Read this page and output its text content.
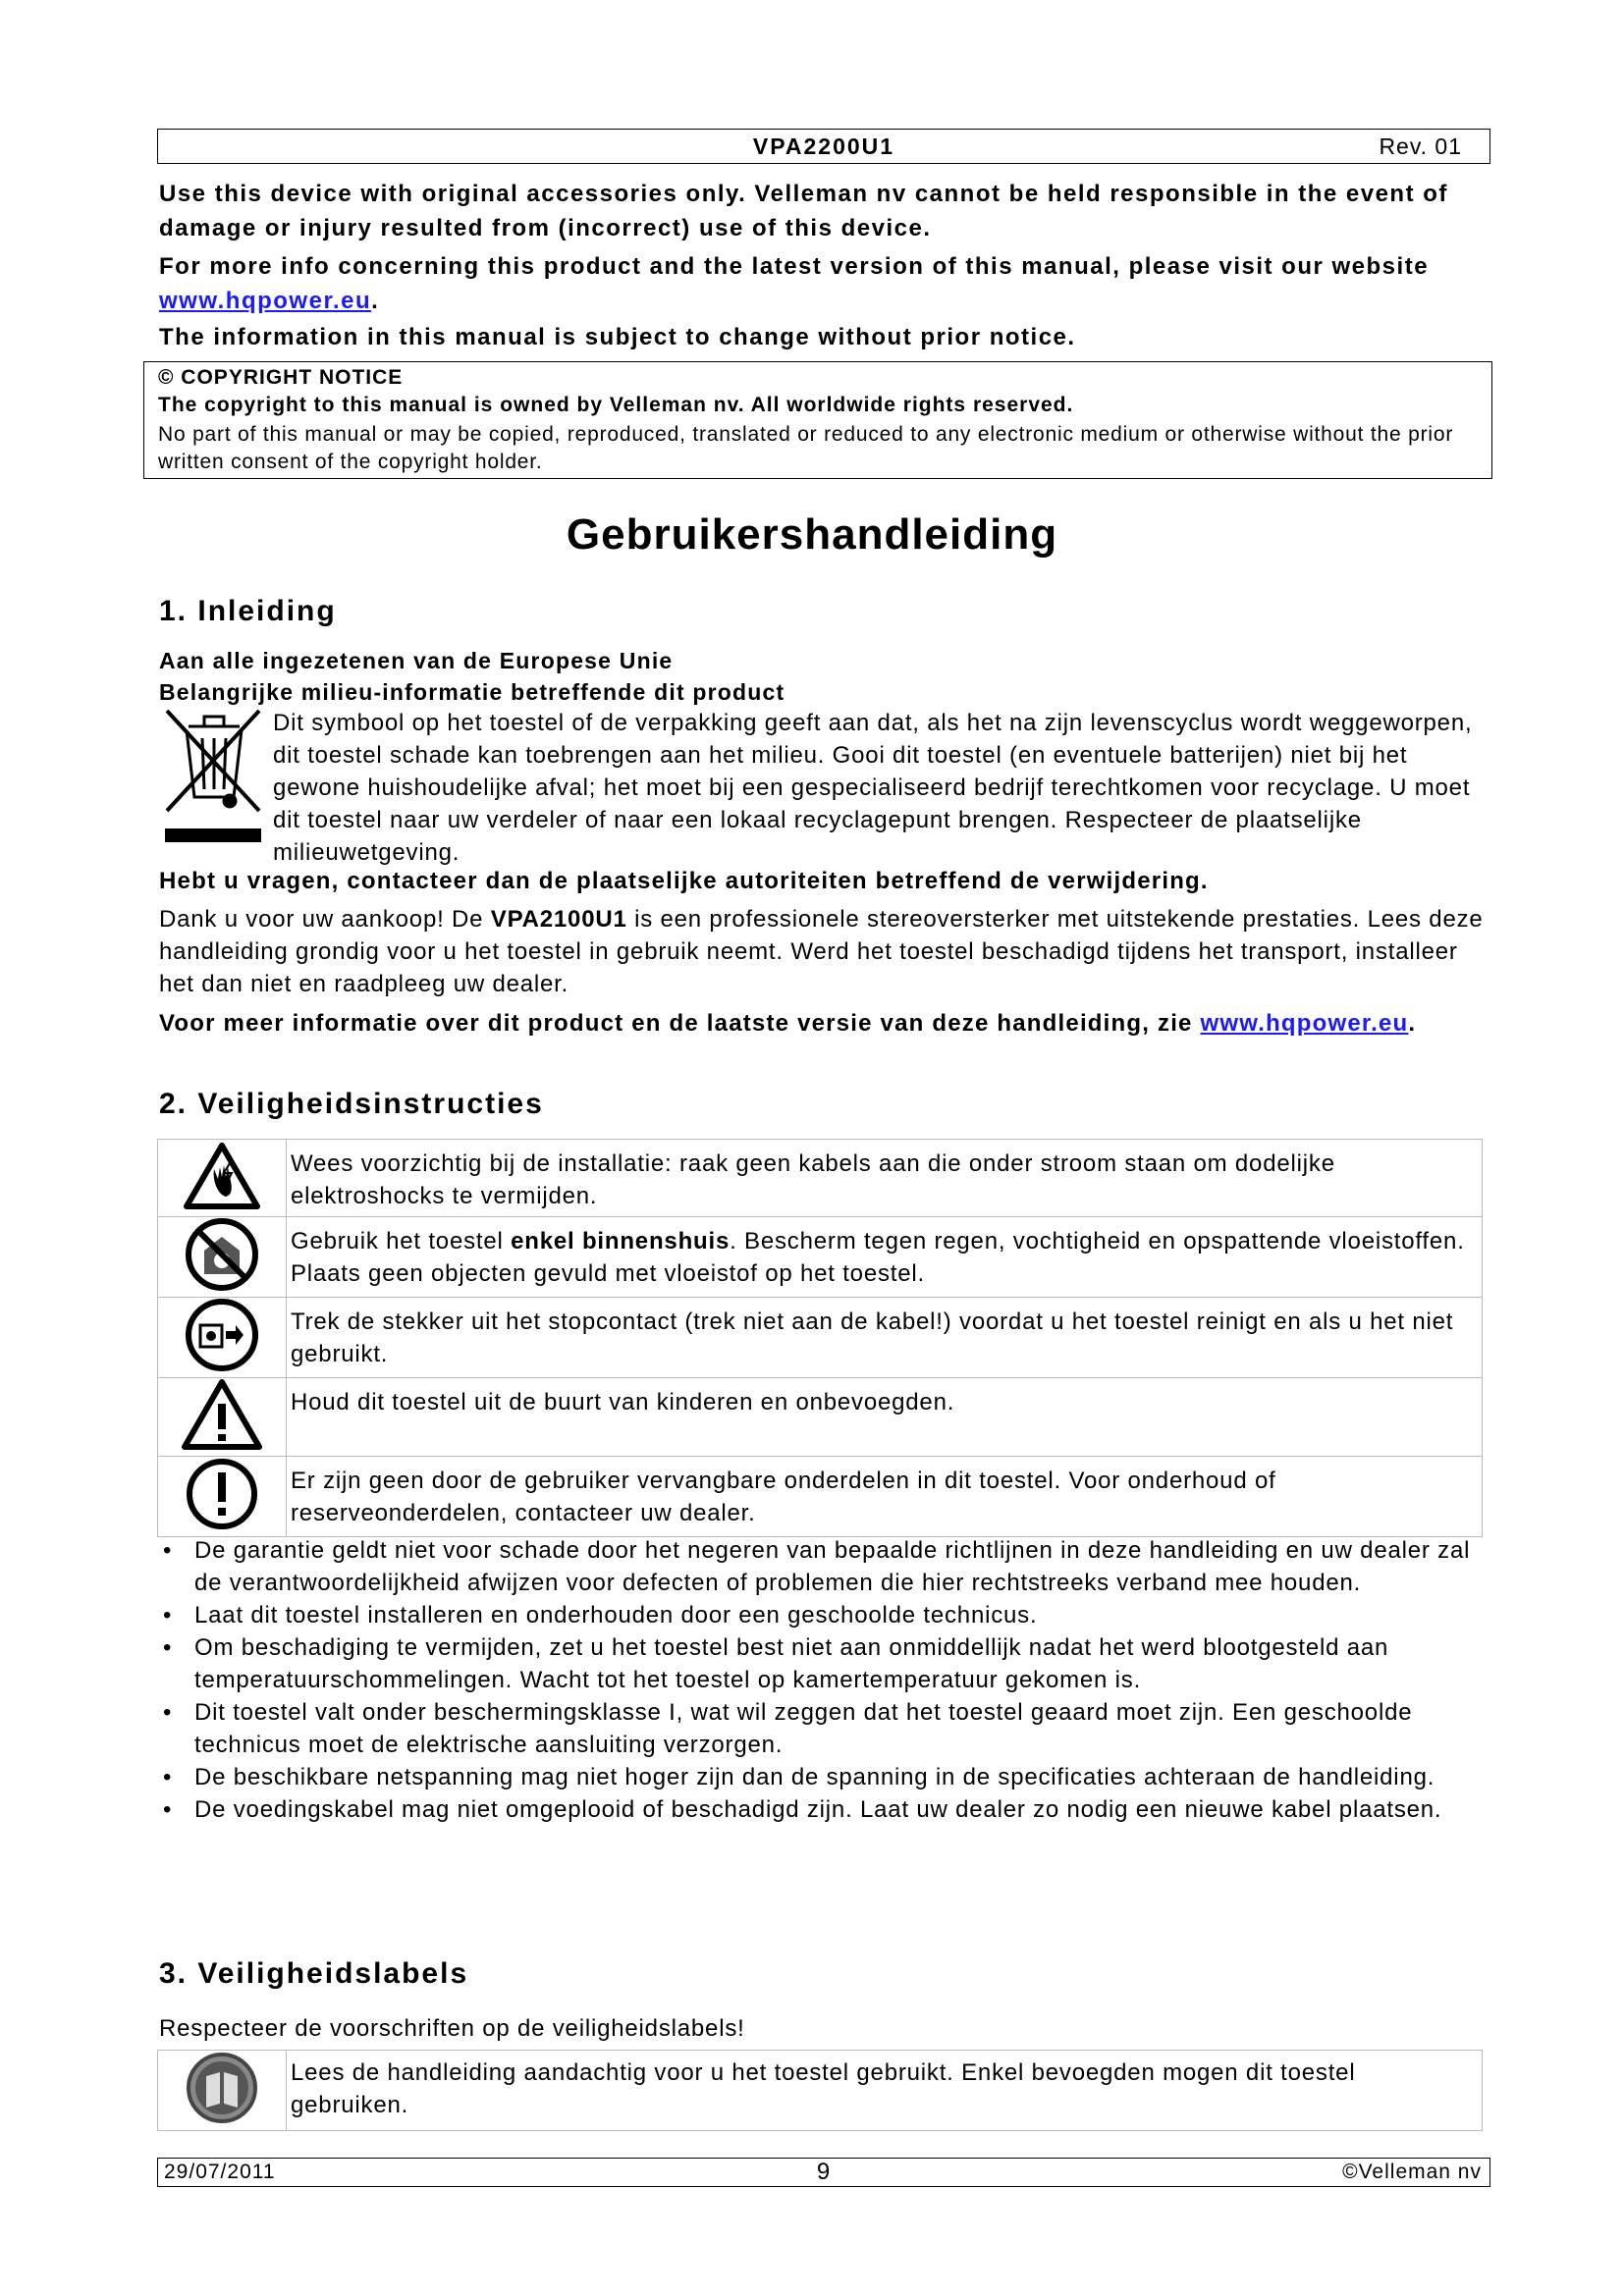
VPA2200U1	Rev. 01
Use this device with original accessories only. Velleman nv cannot be held responsible in the event of damage or injury resulted from (incorrect) use of this device.
For more info concerning this product and the latest version of this manual, please visit our website www.hqpower.eu.
The information in this manual is subject to change without prior notice.
© COPYRIGHT NOTICE
The copyright to this manual is owned by Velleman nv. All worldwide rights reserved.
No part of this manual or may be copied, reproduced, translated or reduced to any electronic medium or otherwise without the prior written consent of the copyright holder.
Gebruikershandleiding
1. Inleiding
Aan alle ingezetenen van de Europese Unie
Belangrijke milieu-informatie betreffende dit product
Dit symbool op het toestel of de verpakking geeft aan dat, als het na zijn levenscyclus wordt weggeworpen, dit toestel schade kan toebrengen aan het milieu. Gooi dit toestel (en eventuele batterijen) niet bij het gewone huishoudelijke afval; het moet bij een gespecialiseerd bedrijf terechtkomen voor recyclage. U moet dit toestel naar uw verdeler of naar een lokaal recyclagepunt brengen. Respecteer de plaatselijke milieuwetgeving.
Hebt u vragen, contacteer dan de plaatselijke autoriteiten betreffend de verwijdering.
Dank u voor uw aankoop! De VPA2100U1 is een professionele stereoversterker met uitstekende prestaties. Lees deze handleiding grondig voor u het toestel in gebruik neemt. Werd het toestel beschadigd tijdens het transport, installeer het dan niet en raadpleeg uw dealer.
Voor meer informatie over dit product en de laatste versie van deze handleiding, zie www.hqpower.eu.
2. Veiligheidsinstructies
	Wees voorzichtig bij de installatie: raak geen kabels aan die onder stroom staan om dodelijke elektroshocks te vermijden.
	Gebruik het toestel enkel binnenshuis. Bescherm tegen regen, vochtigheid en opspattende vloeistoffen. Plaats geen objecten gevuld met vloeistof op het toestel.
	Trek de stekker uit het stopcontact (trek niet aan de kabel!) voordat u het toestel reinigt en als u het niet gebruikt.
	Houd dit toestel uit de buurt van kinderen en onbevoegden.
	Er zijn geen door de gebruiker vervangbare onderdelen in dit toestel. Voor onderhoud of reserveonderdelen, contacteer uw dealer.
• De garantie geldt niet voor schade door het negeren van bepaalde richtlijnen in deze handleiding en uw dealer zal de verantwoordelijkheid afwijzen voor defecten of problemen die hier rechtstreeks verband mee houden.
• Laat dit toestel installeren en onderhouden door een geschoolde technicus.
• Om beschadiging te vermijden, zet u het toestel best niet aan onmiddellijk nadat het werd blootgesteld aan temperatuurschommelingen. Wacht tot het toestel op kamertemperatuur gekomen is.
• Dit toestel valt onder beschermingsklasse I, wat wil zeggen dat het toestel geaard moet zijn. Een geschoolde technicus moet de elektrische aansluiting verzorgen.
• De beschikbare netspanning mag niet hoger zijn dan de spanning in de specificaties achteraan de handleiding.
• De voedingskabel mag niet omgeplooid of beschadigd zijn. Laat uw dealer zo nodig een nieuwe kabel plaatsen.
3. Veiligheidslabels
Respecteer de voorschriften op de veiligheidslabels!
	Lees de handleiding aandachtig voor u het toestel gebruikt. Enkel bevoegden mogen dit toestel gebruiken.
29/07/2011	9	©Velleman nv
